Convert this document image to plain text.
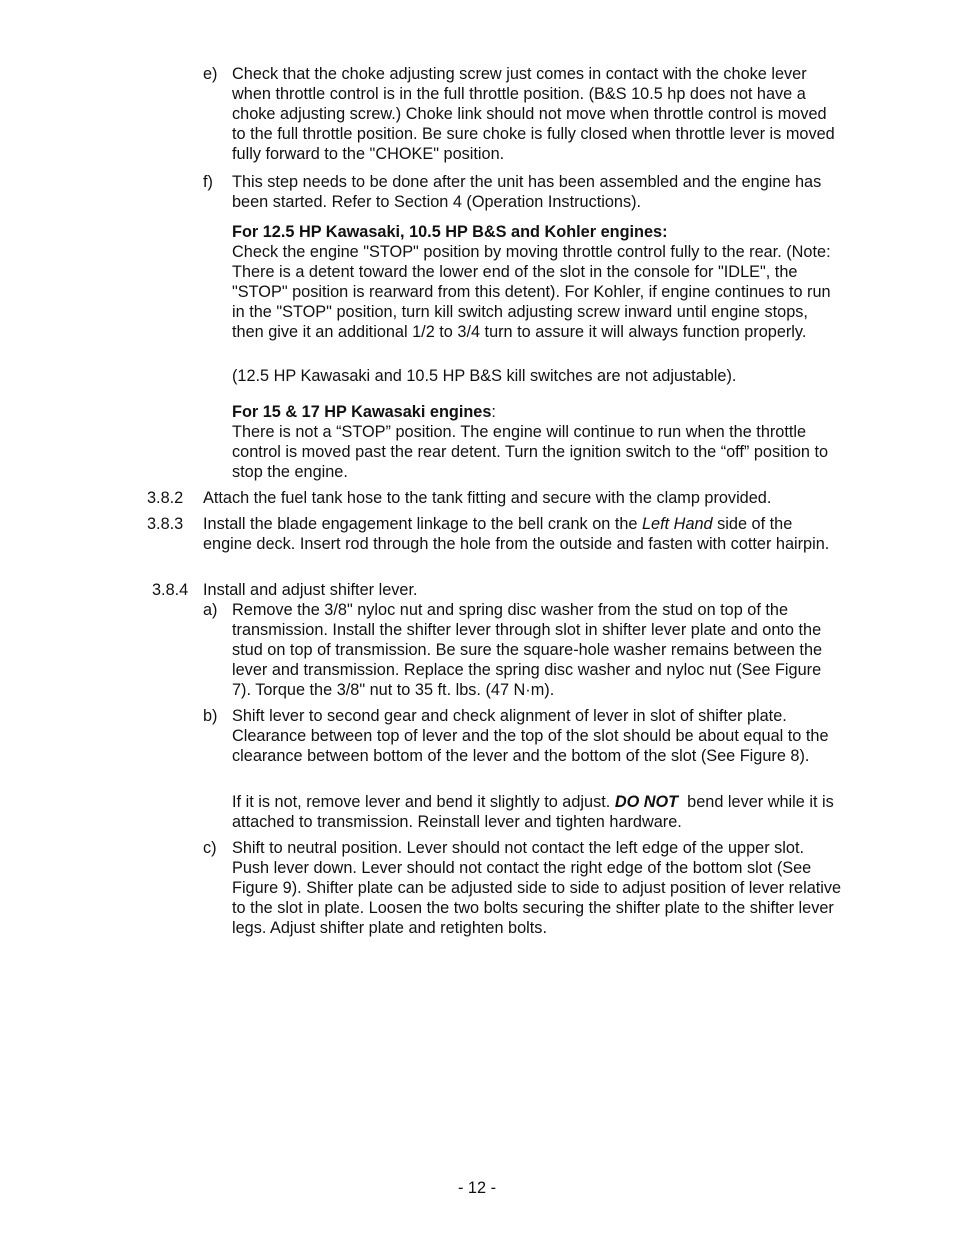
e) Check that the choke adjusting screw just comes in contact with the choke lever when throttle control is in the full throttle position. (B&S 10.5 hp does not have a choke adjusting screw.) Choke link should not move when throttle control is moved to the full throttle position. Be sure choke is fully closed when throttle lever is moved fully forward to the "CHOKE" position.

f) This step needs to be done after the unit has been assembled and the engine has been started. Refer to Section 4 (Operation Instructions).

For 12.5 HP Kawasaki, 10.5 HP B&S and Kohler engines:

Check the engine "STOP" position by moving throttle control fully to the rear. (Note: There is a detent toward the lower end of the slot in the console for "IDLE", the "STOP" position is rearward from this detent). For Kohler, if engine continues to run in the "STOP" position, turn kill switch adjusting screw inward until engine stops, then give it an additional 1/2 to 3/4 turn to assure it will always function properly.

(12.5 HP Kawasaki and 10.5 HP B&S kill switches are not adjustable).

For 15 & 17 HP Kawasaki engines:

There is not a “STOP” position. The engine will continue to run when the throttle control is moved past the rear detent. Turn the ignition switch to the “off” position to stop the engine.

3.8.2 Attach the fuel tank hose to the tank fitting and secure with the clamp provided.

3.8.3 Install the blade engagement linkage to the bell crank on the Left Hand side of the engine deck. Insert rod through the hole from the outside and fasten with cotter hairpin.

3.8.4 Install and adjust shifter lever.

a) Remove the 3/8" nyloc nut and spring disc washer from the stud on top of the transmission. Install the shifter lever through slot in shifter lever plate and onto the stud on top of transmission. Be sure the square-hole washer remains between the lever and transmission. Replace the spring disc washer and nyloc nut (See Figure 7). Torque the 3/8" nut to 35 ft. lbs. (47 N·m).

b) Shift lever to second gear and check alignment of lever in slot of shifter plate. Clearance between top of lever and the top of the slot should be about equal to the clearance between bottom of the lever and the bottom of the slot (See Figure 8).

If it is not, remove lever and bend it slightly to adjust. DO NOT  bend lever while it is attached to transmission. Reinstall lever and tighten hardware.

c) Shift to neutral position. Lever should not contact the left edge of the upper slot. Push lever down. Lever should not contact the right edge of the bottom slot (See Figure 9). Shifter plate can be adjusted side to side to adjust position of lever relative to the slot in plate. Loosen the two bolts securing the shifter plate to the shifter lever legs. Adjust shifter plate and retighten bolts.

- 12 -
